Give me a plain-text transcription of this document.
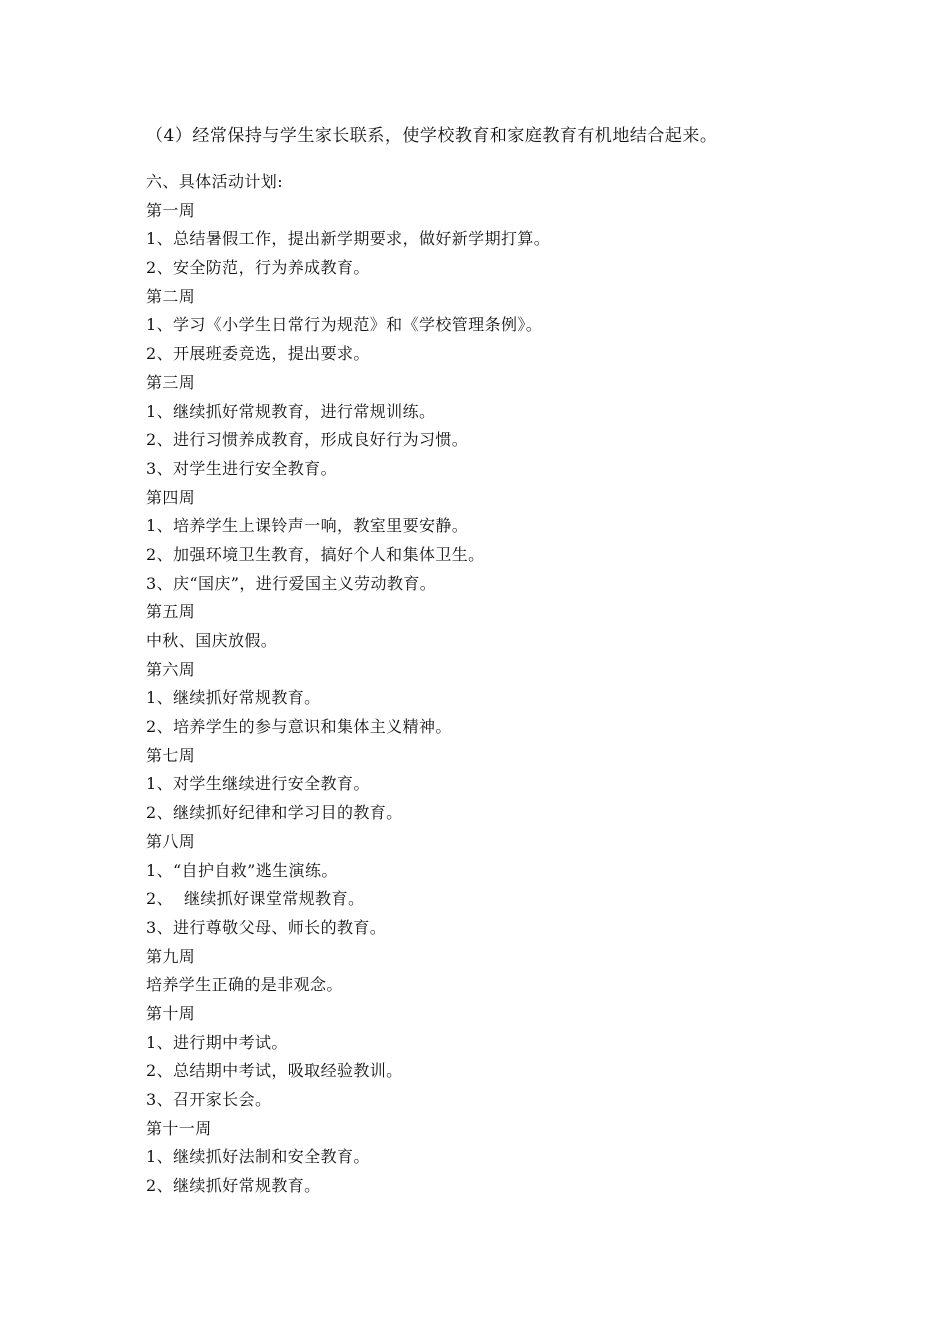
（4）经常保持与学生家长联系，使学校教育和家庭教育有机地结合起来。
六、具体活动计划:
第一周
1、总结暑假工作，提出新学期要求，做好新学期打算。
2、安全防范，行为养成教育。
第二周
1、学习《小学生日常行为规范》和《学校管理条例》。
2、开展班委竞选，提出要求。
第三周
1、继续抓好常规教育，进行常规训练。
2、进行习惯养成教育，形成良好行为习惯。
3、对学生进行安全教育。
第四周
1、培养学生上课铃声一响，教室里要安静。
2、加强环境卫生教育，搞好个人和集体卫生。
3、庆“国庆”，进行爱国主义劳动教育。
第五周
中秋、国庆放假。
第六周
1、继续抓好常规教育。
2、培养学生的参与意识和集体主义精神。
第七周
1、对学生继续进行安全教育。
2、继续抓好纪律和学习目的教育。
第八周
1、“自护自救”逃生演练。
2、  继续抓好课堂常规教育。
3、进行尊敬父母、师长的教育。
第九周
培养学生正确的是非观念。
第十周
1、进行期中考试。
2、总结期中考试，吸取经验教训。
3、召开家长会。
第十一周
1、继续抓好法制和安全教育。
2、继续抓好常规教育。
